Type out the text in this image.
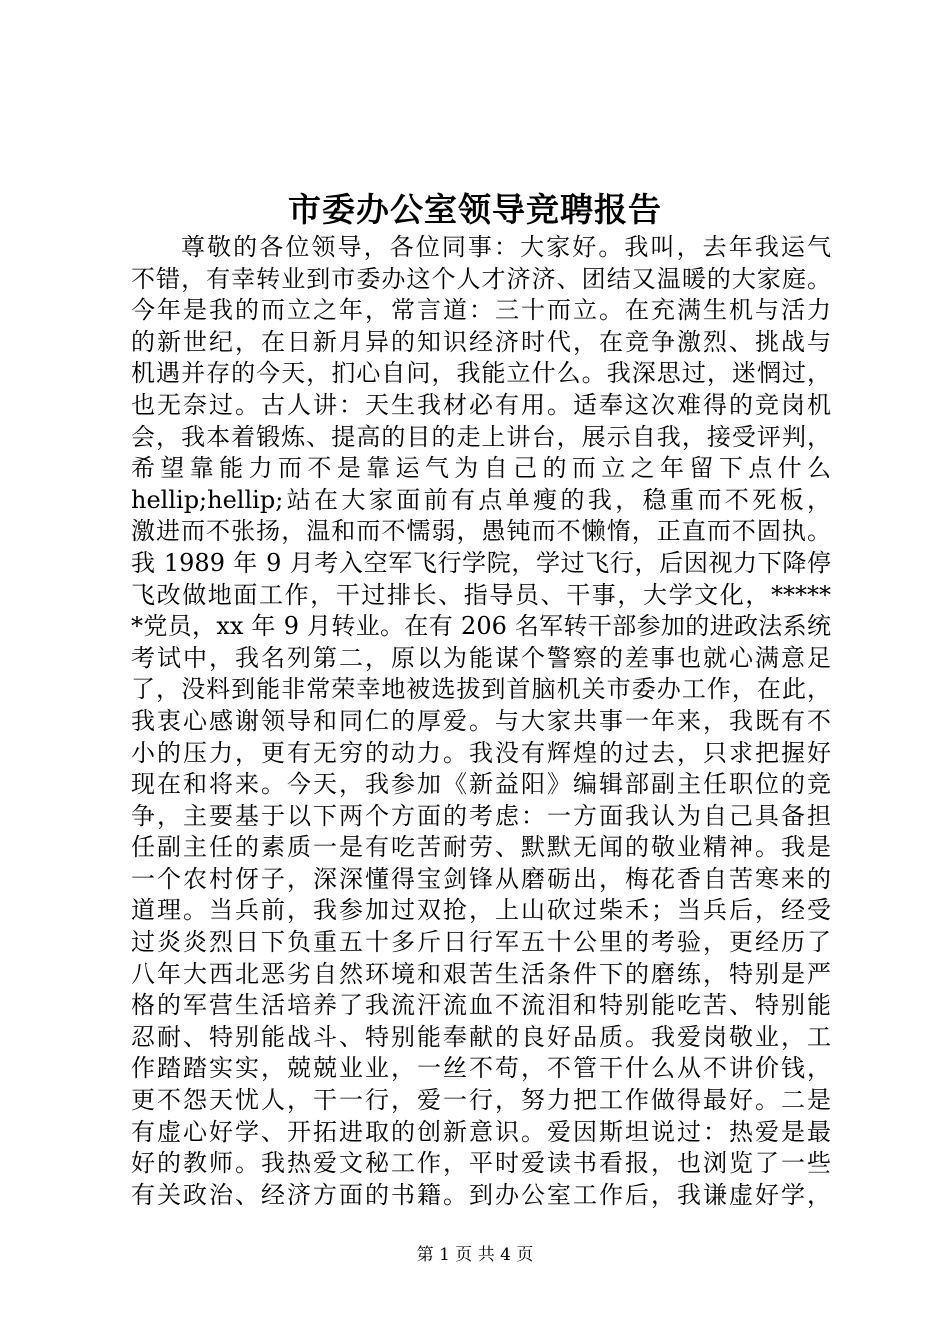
市委办公室领导竞聘报告
尊敬的各位领导，各位同事：大家好。我叫，去年我运气
不错，有幸转业到市委办这个人才济济、团结又温暖的大家庭。
今年是我的而立之年，常言道：三十而立。在充满生机与活力
的新世纪，在日新月异的知识经济时代，在竞争激烈、挑战与
机遇并存的今天，扪心自问，我能立什么。我深思过，迷惘过，
也无奈过。古人讲：天生我材必有用。适奉这次难得的竞岗机
会，我本着锻炼、提高的目的走上讲台，展示自我，接受评判，
希望靠能力而不是靠运气为自己的而立之年留下点什么
hellip;hellip;站在大家面前有点单瘦的我，稳重而不死板，
激进而不张扬，温和而不懦弱，愚钝而不懒惰，正直而不固执。
我 1989 年 9 月考入空军飞行学院，学过飞行，后因视力下降停
飞改做地面工作，干过排长、指导员、干事，大学文化，*****
*党员，xx 年 9 月转业。在有 206 名军转干部参加的进政法系统
考试中，我名列第二，原以为能谋个警察的差事也就心满意足
了，没料到能非常荣幸地被选拔到首脑机关市委办工作，在此，
我衷心感谢领导和同仁的厚爱。与大家共事一年来，我既有不
小的压力，更有无穷的动力。我没有辉煌的过去，只求把握好
现在和将来。今天，我参加《新益阳》编辑部副主任职位的竞
争，主要基于以下两个方面的考虑：一方面我认为自己具备担
任副主任的素质一是有吃苦耐劳、默默无闻的敬业精神。我是
一个农村伢子，深深懂得宝剑锋从磨砺出，梅花香自苦寒来的
道理。当兵前，我参加过双抢，上山砍过柴禾；当兵后，经受
过炎炎烈日下负重五十多斤日行军五十公里的考验，更经历了
八年大西北恶劣自然环境和艰苦生活条件下的磨练，特别是严
格的军营生活培养了我流汗流血不流泪和特别能吃苦、特别能
忍耐、特别能战斗、特别能奉献的良好品质。我爱岗敬业，工
作踏踏实实，兢兢业业，一丝不苟，不管干什么从不讲价钱，
更不怨天忧人，干一行，爱一行，努力把工作做得最好。二是
有虚心好学、开拓进取的创新意识。爱因斯坦说过：热爱是最
好的教师。我热爱文秘工作，平时爱读书看报，也浏览了一些
有关政治、经济方面的书籍。到办公室工作后，我谦虚好学，
第 1 页 共 4 页
